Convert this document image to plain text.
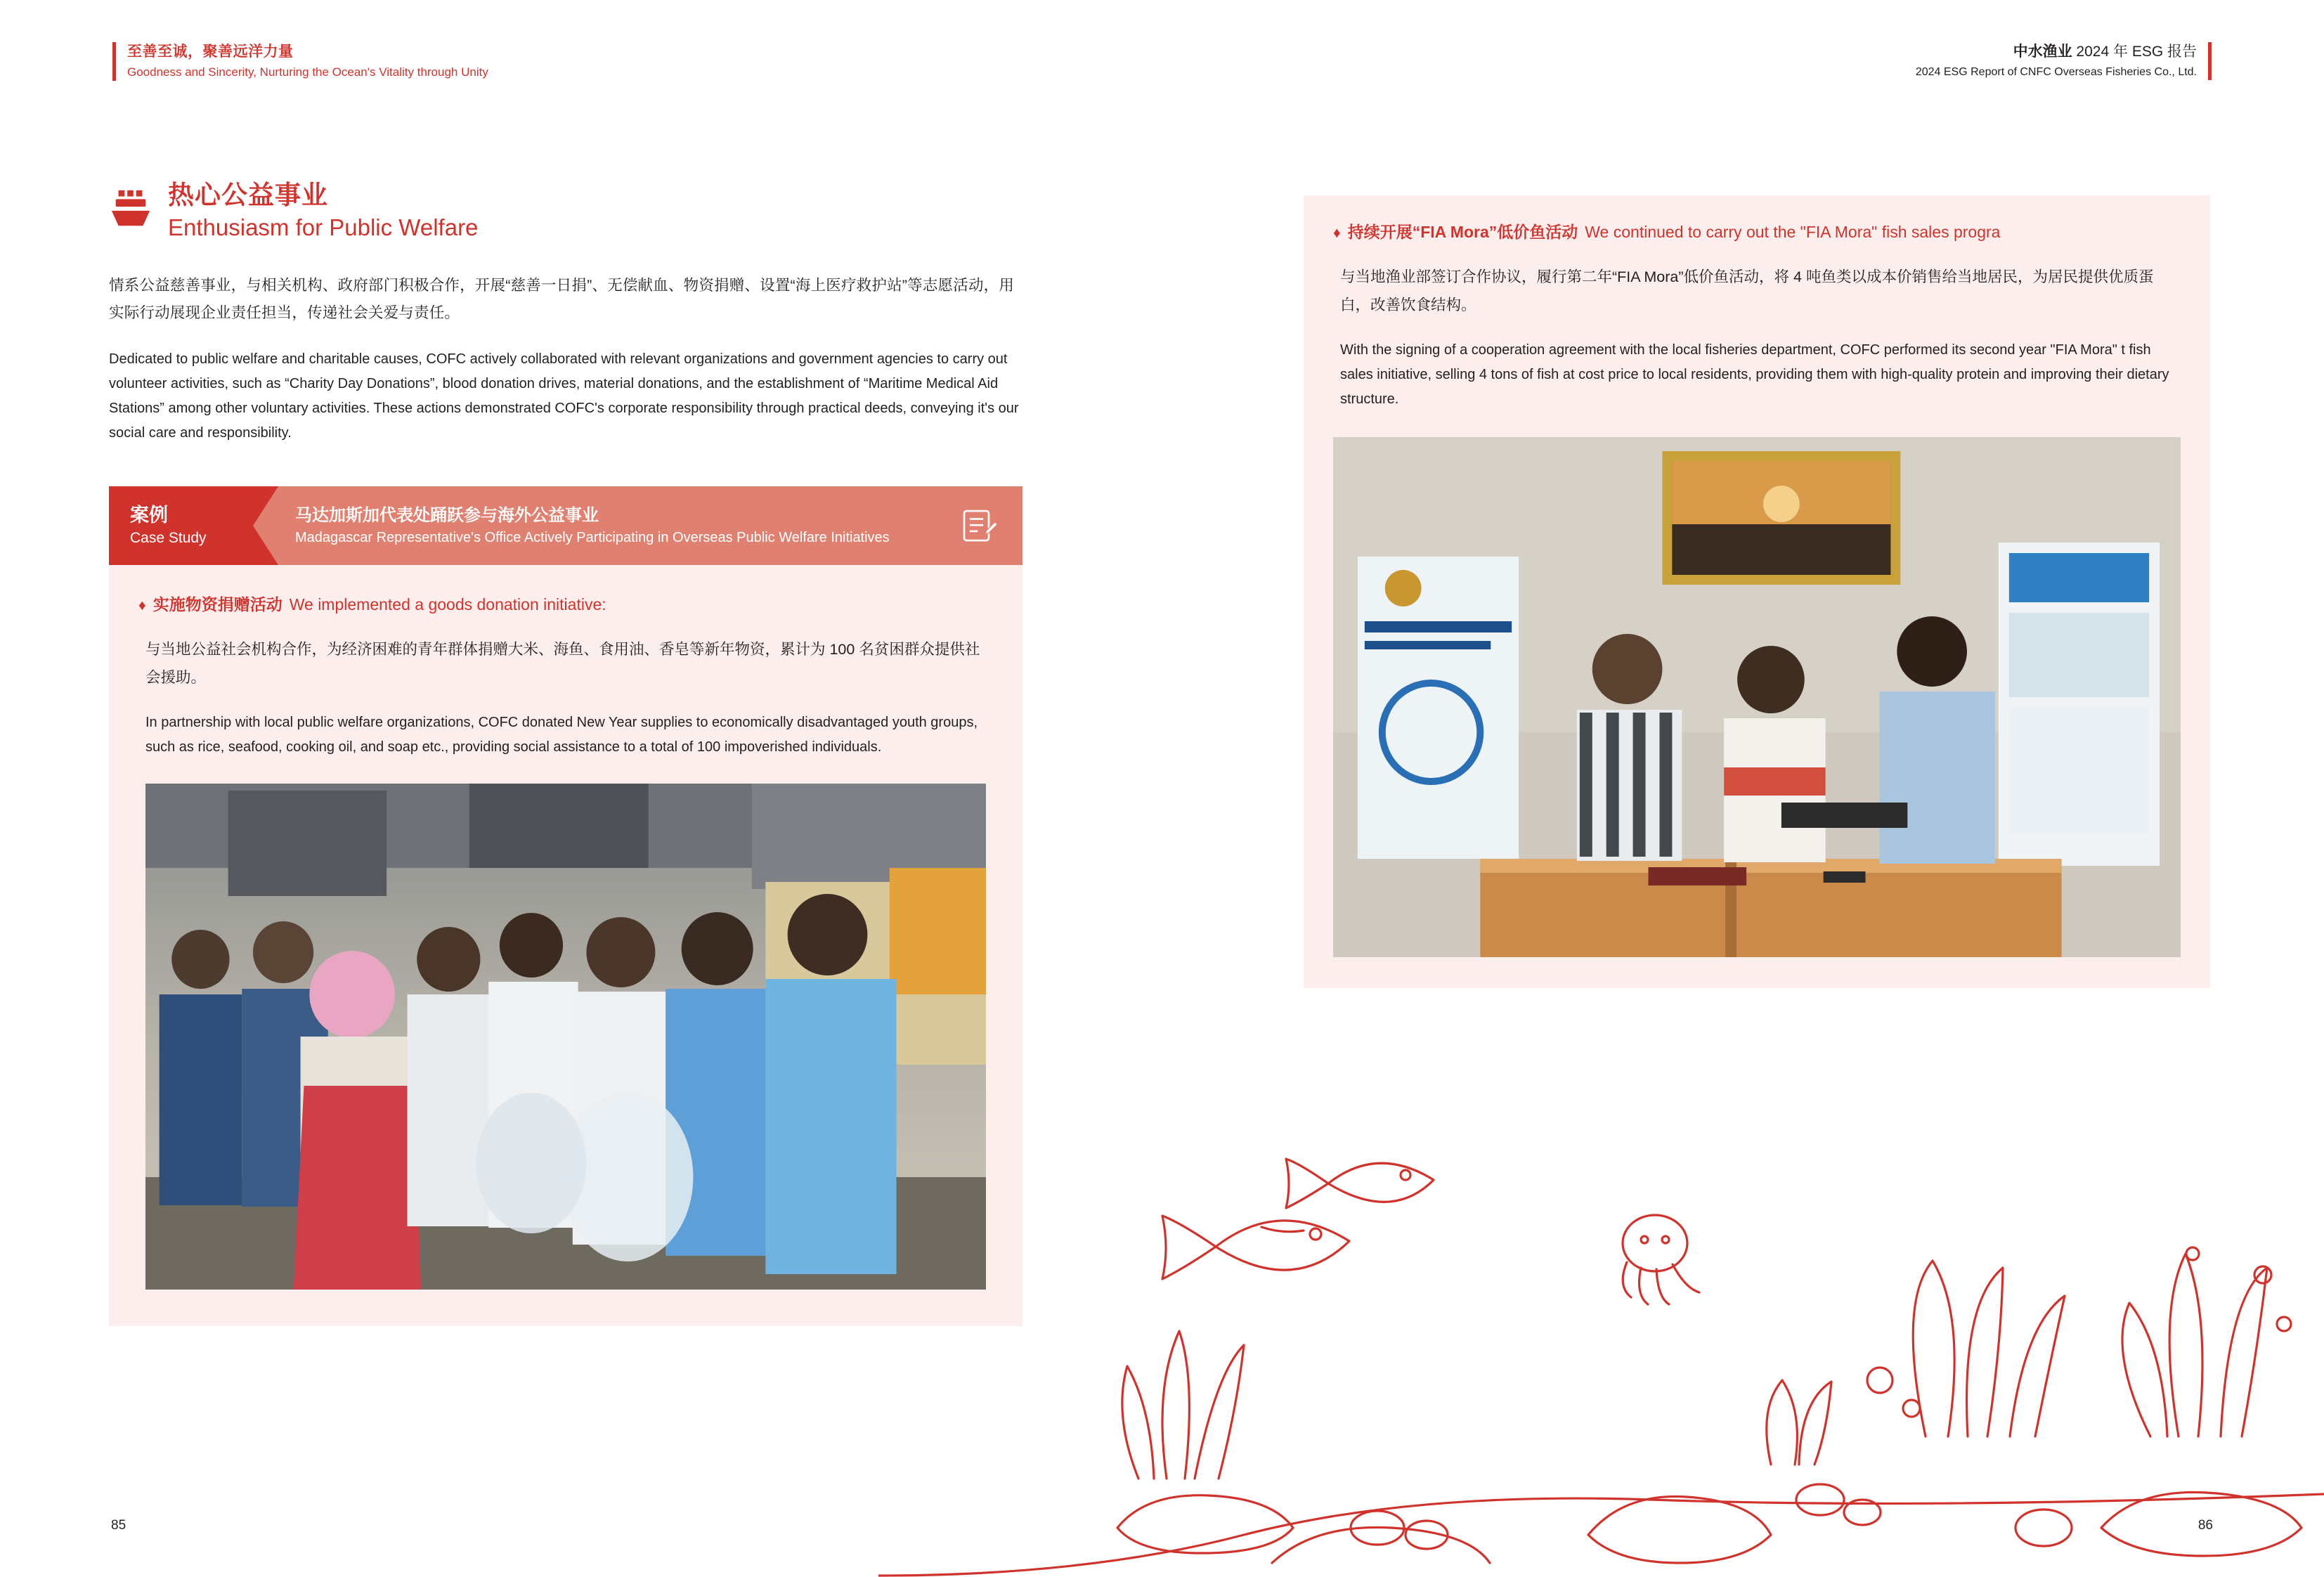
至善至诚，聚善远洋力量
Goodness and Sincerity, Nurturing the Ocean's Vitality through Unity
中水渔业 2024 年 ESG 报告
2024 ESG Report of CNFC Overseas Fisheries Co., Ltd.
热心公益事业
Enthusiasm for Public Welfare
情系公益慈善事业，与相关机构、政府部门积极合作，开展“慈善一日捐”、无偿献血、物资捐赠、设置“海上医疗救护站”等志愿活动，用实际行动展现企业责任担当，传递社会关爱与责任。
Dedicated to public welfare and charitable causes, COFC actively collaborated with relevant organizations and government agencies to carry out volunteer activities, such as “Charity Day Donations”, blood donation drives, material donations, and the establishment of “Maritime Medical Aid Stations” among other voluntary activities. These actions demonstrated COFC's corporate responsibility through practical deeds, conveying it's our social care and responsibility.
案例
Case Study
马达加斯加代表处踊跃参与海外公益事业
Madagascar Representative's Office Actively Participating in Overseas Public Welfare Initiatives
♦ 实施物资捐赠活动 We implemented a goods donation initiative:
与当地公益社会机构合作，为经济困难的青年群体捐赠大米、海鱼、食用油、香皂等新年物资，累计为 100 名贫困群众提供社会援助。
In partnership with local public welfare organizations, COFC donated New Year supplies to economically disadvantaged youth groups, such as rice, seafood, cooking oil, and soap etc., providing social assistance to a total of 100 impoverished individuals.
♦ 持续开展“FIA Mora”低价鱼活动 We continued to carry out the "FIA Mora" fish sales progra
与当地渔业部签订合作协议，履行第二年“FIA Mora”低价鱼活动，将 4 吨鱼类以成本价销售给当地居民，为居民提供优质蛋白，改善饮食结构。
With the signing of a cooperation agreement with the local fisheries department, COFC performed its second year "FIA Mora" t fish sales initiative, selling 4 tons of fish at cost price to local residents, providing them with high-quality protein and improving their dietary structure.
85	86
